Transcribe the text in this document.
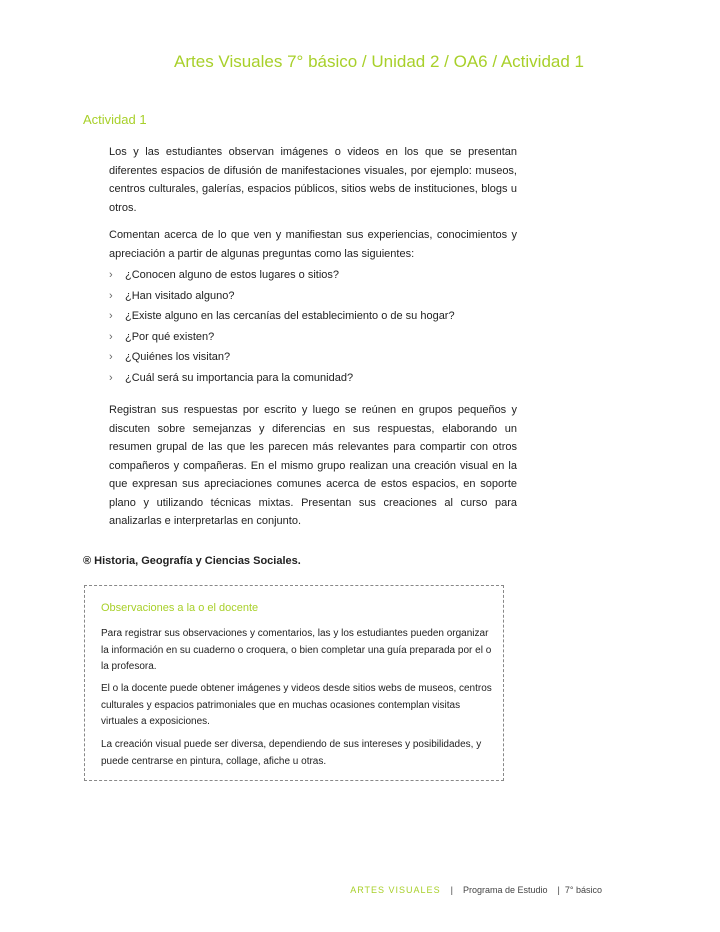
Artes Visuales 7° básico / Unidad 2 / OA6 / Actividad 1
Actividad 1
Los y las estudiantes observan imágenes o videos en los que se presentan diferentes espacios de difusión de manifestaciones visuales, por ejemplo: museos, centros culturales, galerías, espacios públicos, sitios webs de instituciones, blogs u otros.
Comentan acerca de lo que ven y manifiestan sus experiencias, conocimientos y apreciación a partir de algunas preguntas como las siguientes:
› ¿Conocen alguno de estos lugares o sitios?
› ¿Han visitado alguno?
› ¿Existe alguno en las cercanías del establecimiento o de su hogar?
› ¿Por qué existen?
› ¿Quiénes los visitan?
› ¿Cuál será su importancia para la comunidad?
Registran sus respuestas por escrito y luego se reúnen en grupos pequeños y discuten sobre semejanzas y diferencias en sus respuestas, elaborando un resumen grupal de las que les parecen más relevantes para compartir con otros compañeros y compañeras. En el mismo grupo realizan una creación visual en la que expresan sus apreciaciones comunes acerca de estos espacios, en soporte plano y utilizando técnicas mixtas. Presentan sus creaciones al curso para analizarlas e interpretarlas en conjunto.
® Historia, Geografía y Ciencias Sociales.
Observaciones a la o el docente
Para registrar sus observaciones y comentarios, las y los estudiantes pueden organizar la información en su cuaderno o croquera, o bien completar una guía preparada por el o la profesora.
El o la docente puede obtener imágenes y videos desde sitios webs de museos, centros culturales y espacios patrimoniales que en muchas ocasiones contemplan visitas virtuales a exposiciones.
La creación visual puede ser diversa, dependiendo de sus intereses y posibilidades, y puede centrarse en pintura, collage, afiche u otras.
ARTES VISUALES | Programa de Estudio | 7° básico
